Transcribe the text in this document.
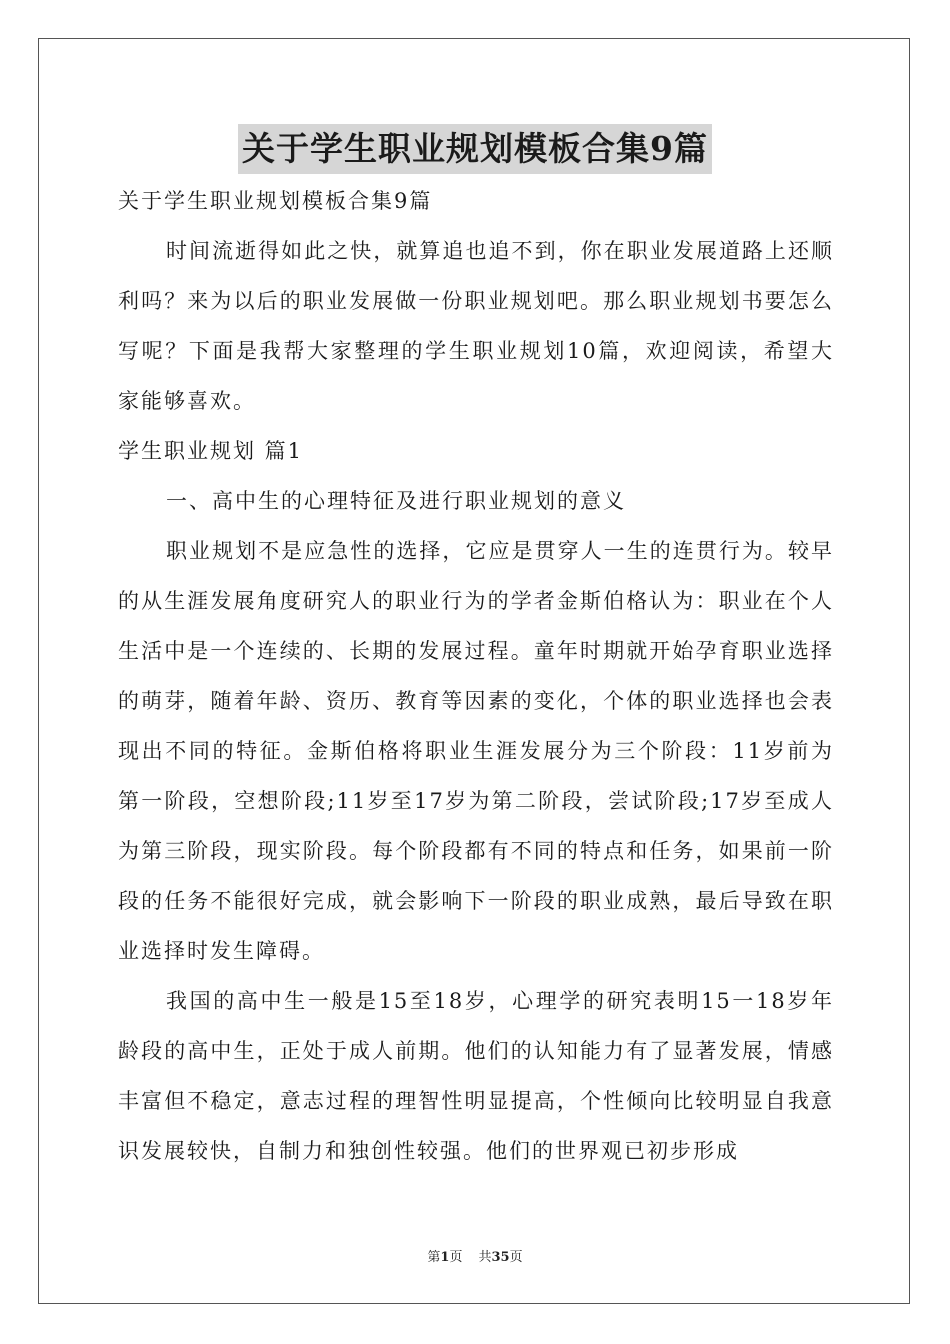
关于学生职业规划模板合集9篇

关于学生职业规划模板合集9篇

时间流逝得如此之快，就算追也追不到，你在职业发展道路上还顺利吗？来为以后的职业发展做一份职业规划吧。那么职业规划书要怎么写呢？下面是我帮大家整理的学生职业规划10篇，欢迎阅读，希望大家能够喜欢。

学生职业规划 篇1

一、高中生的心理特征及进行职业规划的意义

职业规划不是应急性的选择，它应是贯穿人一生的连贯行为。较早的从生涯发展角度研究人的职业行为的学者金斯伯格认为：职业在个人生活中是一个连续的、长期的发展过程。童年时期就开始孕育职业选择的萌芽，随着年龄、资历、教育等因素的变化，个体的职业选择也会表现出不同的特征。金斯伯格将职业生涯发展分为三个阶段：11岁前为第一阶段，空想阶段;11岁至17岁为第二阶段，尝试阶段;17岁至成人为第三阶段，现实阶段。每个阶段都有不同的特点和任务，如果前一阶段的任务不能很好完成，就会影响下一阶段的职业成熟，最后导致在职业选择时发生障碍。

我国的高中生一般是15至18岁，心理学的研究表明15一18岁年龄段的高中生，正处于成人前期。他们的认知能力有了显著发展，情感丰富但不稳定，意志过程的理智性明显提高，个性倾向比较明显自我意识发展较快，自制力和独创性较强。他们的世界观已初步形成

第1页 共35页
